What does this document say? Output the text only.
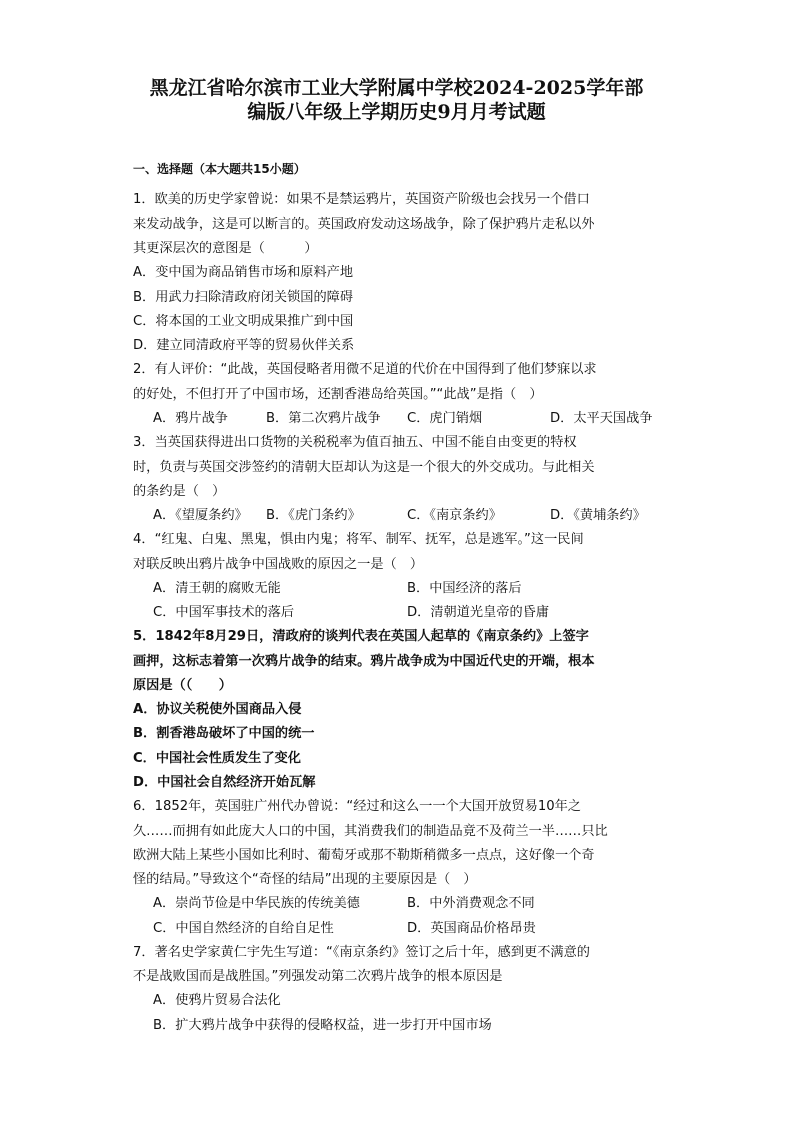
黑龙江省哈尔滨市工业大学附属中学校2024-2025学年部
编版八年级上学期历史9月月考试题
一、选择题（本大题共15小题）
1．欧美的历史学家曾说：如果不是禁运鸦片，英国资产阶级也会找另一个借口
来发动战争，这是可以断言的。英国政府发动这场战争，除了保护鸦片走私以外
其更深层次的意图是（　　　）
A．变中国为商品销售市场和原料产地
B．用武力扫除清政府闭关锁国的障碍
C．将本国的工业文明成果推广到中国
D．建立同清政府平等的贸易伙伴关系
2．有人评价：“此战，英国侵略者用微不足道的代价在中国得到了他们梦寐以求
的好处，不但打开了中国市场，还割香港岛给英国。”“此战”是指（　）
A．鸦片战争	B．第二次鸦片战争 C．虎门销烟	D．太平天国战争
3．当英国获得进出口货物的关税税率为值百抽五、中国不能自由变更的特权
时，负责与英国交涉签约的清朝大臣却认为这是一个很大的外交成功。与此相关
的条约是（　）
A．《望厦条约》 B．《虎门条约》	C．《南京条约》	D．《黄埔条约》
4．“红鬼、白鬼、黑鬼，惧由内鬼；将军、制军、抚军，总是逃军。”这一民间
对联反映出鸦片战争中国战败的原因之一是（　）
A．清王朝的腐败无能	B．中国经济的落后
C．中国军事技术的落后	D．清朝道光皇帝的昏庸
5．1842年8月29日，清政府的谈判代表在英国人起草的《南京条约》上签字
画押，这标志着第一次鸦片战争的结束。鸦片战争成为中国近代史的开端，根本
原因是（（　　）
A．协议关税使外国商品入侵
B．割香港岛破坏了中国的统一
C．中国社会性质发生了变化
D．中国社会自然经济开始瓦解
6．1852年，英国驻广州代办曾说：“经过和这么一一个大国开放贸易10年之
久……而拥有如此庞大人口的中国，其消费我们的制造品竟不及荷兰一半……只比
欧洲大陆上某些小国如比利时、葡萄牙或那不勒斯稍微多一点点，这好像一个奇
怪的结局。”导致这个“奇怪的结局”出现的主要原因是（　）
A．崇尚节俭是中华民族的传统美德	B．中外消费观念不同
C．中国自然经济的自给自足性	D．英国商品价格昂贵
7．著名史学家黄仁宇先生写道：“《南京条约》签订之后十年，感到更不满意的
不是战败国而是战胜国。”列强发动第二次鸦片战争的根本原因是
A．使鸦片贸易合法化
B．扩大鸦片战争中获得的侵略权益，进一步打开中国市场
